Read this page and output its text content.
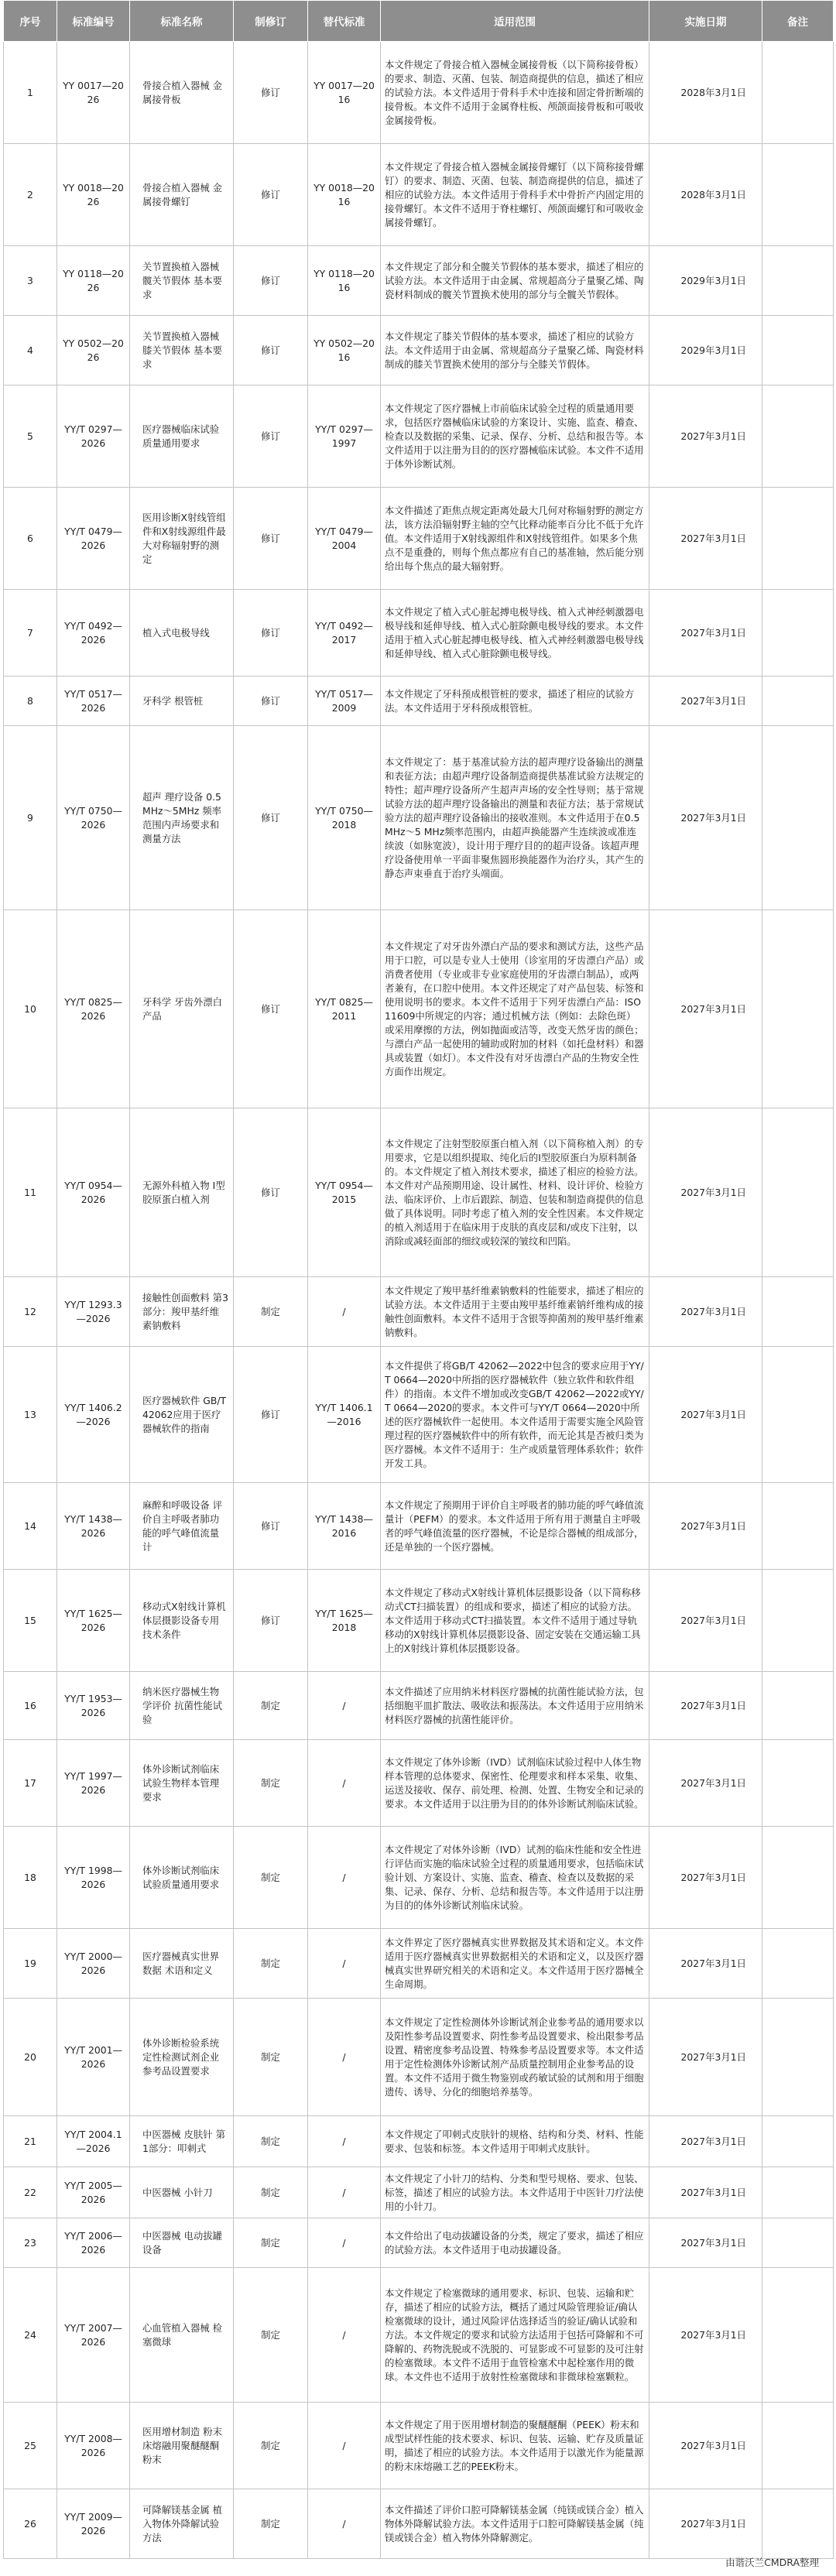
序号	标准编号	标准名称	制修订	替代标准	适用范围	实施日期	备注
1	YY 0017—2026	骨接合植入器械 金属接骨板	修订	YY 0017—2016	本文件规定了骨接合植入器械金属接骨板（以下简称接骨板）的要求、制造、灭菌、包装、制造商提供的信息，描述了相应的试验方法。本文件适用于骨科手术中连接和固定骨折断端的接骨板。本文件不适用于金属脊柱板、颅颌面接骨板和可吸收金属接骨板。	2028年3月1日	
2	YY 0018—2026	骨接合植入器械 金属接骨螺钉	修订	YY 0018—2016	本文件规定了骨接合植入器械金属接骨螺钉（以下简称接骨螺钉）的要求、制造、灭菌、包装、制造商提供的信息，描述了相应的试验方法。本文件适用于骨科手术中骨折产内固定用的接骨螺钉。本文件不适用于脊柱螺钉、颅颌面螺钉和可吸收金属接骨螺钉。	2028年3月1日	
3	YY 0118—2026	关节置换植入器械 髋关节假体 基本要求	修订	YY 0118—2016	本文件规定了部分和全髋关节假体的基本要求，描述了相应的试验方法。本文件适用于由金属、常规超高分子量聚乙烯、陶瓷材料制成的髋关节置换术使用的部分与全髋关节假体。	2029年3月1日	
4	YY 0502—2026	关节置换植入器械 膝关节假体 基本要求	修订	YY 0502—2016	本文件规定了膝关节假体的基本要求，描述了相应的试验方法。本文件适用于由金属、常规超高分子量聚乙烯、陶瓷材料制成的膝关节置换术使用的部分与全膝关节假体。	2029年3月1日	
5	YY/T 0297—2026	医疗器械临床试验质量通用要求	修订	YY/T 0297—1997	本文件规定了医疗器械上市前临床试验全过程的质量通用要求，包括医疗器械临床试验的方案设计、实施、监查、稽查、检查以及数据的采集、记录、保存、分析、总结和报告等。本文件适用于以注册为目的的医疗器械临床试验。本文件不适用于体外诊断试剂。	2027年3月1日	
6	YY/T 0479—2026	医用诊断X射线管组件和X射线源组件最大对称辐射野的测定	修订	YY/T 0479—2004	本文件描述了距焦点规定距离处最大几何对称辐射野的测定方法，该方法沿辐射野主轴的空气比释动能率百分比不低于允许值。本文件适用于X射线源组件和X射线管组件。如果多个焦点不是重叠的，则每个焦点都应有自己的基准轴，然后能分别给出每个焦点的最大辐射野。	2027年3月1日	
7	YY/T 0492—2026	植入式电极导线	修订	YY/T 0492—2017	本文件规定了植入式心脏起搏电极导线、植入式神经刺激器电极导线和延伸导线、植入式心脏除颤电极导线的要求。本文件适用于植入式心脏起搏电极导线、植入式神经刺激器电极导线和延伸导线、植入式心脏除颤电极导线。	2027年3月1日	
8	YY/T 0517—2026	牙科学 根管桩	修订	YY/T 0517—2009	本文件规定了牙科预成根管桩的要求，描述了相应的试验方法。本文件适用于牙科预成根管桩。	2027年3月1日	
9	YY/T 0750—2026	超声 理疗设备 0.5MHz～5MHz 频率范围内声场要求和测量方法	修订	YY/T 0750—2018	本文件规定了：基于基准试验方法的超声理疗设备输出的测量和表征方法；由超声理疗设备制造商提供基准试验方法规定的特性；超声理疗设备所产生超声声场的安全性导则；基于常规试验方法的超声理疗设备输出的测量和表征方法；基于常规试验方法的超声理疗设备输出的接收准则。本文件适用于在0.5 MHz～5 MHz频率范围内，由超声换能器产生连续波或准连续波（如脉宽波），设计用于理疗目的的超声设备。该超声理疗设备使用单一平面非聚焦圆形换能器作为治疗头，其产生的静态声束垂直于治疗头端面。	2027年3月1日	
10	YY/T 0825—2026	牙科学 牙齿外漂白产品	修订	YY/T 0825—2011	本文件规定了对牙齿外漂白产品的要求和测试方法，这些产品用于口腔，可以是专业人士使用（诊室用的牙齿漂白产品）或消费者使用（专业或非专业家庭使用的牙齿漂白制品），或两者兼有，在口腔中使用。本文件还规定了对产品包装、标签和使用说明书的要求。本文件不适用于下列牙齿漂白产品：ISO 11609中所规定的内容；通过机械方法（例如：去除色斑）或采用摩擦的方法，例如抛面或洁等，改变天然牙齿的颜色；与漂白产品一起使用的辅助或附加的材料（如托盘材料）和器具或装置（如灯）。本文件没有对牙齿漂白产品的生物安全性方面作出规定。	2027年3月1日	
11	YY/T 0954—2026	无源外科植入物 I型胶原蛋白植入剂	修订	YY/T 0954—2015	本文件规定了注射型胶原蛋白植入剂（以下简称植入剂）的专用要求，它是以组织提取、纯化后的I型胶原蛋白为原料制备的。本文件规定了植入剂技术要求，描述了相应的检验方法。本文件对产品预期用途、设计属性、材料、设计评价、检验方法、临床评价、上市后跟踪、制造、包装和制造商提供的信息做了具体说明。同时考虑了植入剂的安全性因素。本文件规定的植入剂适用于在临床用于皮肤的真皮层和/或皮下注射，以消除或减轻面部的细纹或较深的皱纹和凹陷。	2027年3月1日	
12	YY/T 1293.3—2026	接触性创面敷料 第3部分：羧甲基纤维素钠敷料	制定	/	本文件规定了羧甲基纤维素钠敷料的性能要求，描述了相应的试验方法。本文件适用于主要由羧甲基纤维素钠纤维构成的接触性创面敷料。本文件不适用于含银等抑菌剂的羧甲基纤维素钠敷料。	2027年3月1日	
13	YY/T 1406.2—2026	医疗器械软件 GB/T 42062应用于医疗器械软件的指南	修订	YY/T 1406.1—2016	本文件提供了将GB/T 42062—2022中包含的要求应用于YY/T 0664—2020中所指的医疗器械软件（独立软件和软件组件）的指南。本文件不增加或改变GB/T 42062—2022或YY/T 0664—2020的要求。本文件可与YY/T 0664—2020中所述的医疗器械软件一起使用。本文件适用于需要实施全风险管理过程的医疗器械软件中的所有软件，而无论其是否被归类为医疗器械。本文件不适用于：生产或质量管理体系软件；软件开发工具。	2027年3月1日	
14	YY/T 1438—2026	麻醉和呼吸设备 评价自主呼吸者肺功能的呼气峰值流量计	修订	YY/T 1438—2016	本文件规定了预期用于评价自主呼吸者的肺功能的呼气峰值流量计（PEFM）的要求。本文件适用于所有用于测量自主呼吸者的呼气峰值流量的医疗器械，不论是综合器械的组成部分，还是单独的一个医疗器械。	2027年3月1日	
15	YY/T 1625—2026	移动式X射线计算机体层摄影设备专用技术条件	修订	YY/T 1625—2018	本文件规定了移动式X射线计算机体层摄影设备（以下简称移动式CT扫描装置）的组成和要求，描述了相应的试验方法。本文件适用于移动式CT扫描装置。本文件不适用于通过导轨移动的X射线计算机体层摄影设备、固定安装在交通运输工具上的X射线计算机体层摄影设备。	2027年3月1日	
16	YY/T 1953—2026	纳米医疗器械生物学评价 抗菌性能试验	制定	/	本文件描述了应用纳米材料医疗器械的抗菌性能试验方法，包括细胞平皿扩散法、吸收法和振荡法。本文件适用于应用纳米材料医疗器械的抗菌性能评价。	2027年3月1日	
17	YY/T 1997—2026	体外诊断试剂临床试验生物样本管理要求	制定	/	本文件规定了体外诊断（IVD）试剂临床试验过程中人体生物样本管理的总体要求、保密性、伦理要求和样本采集、收集、运送及接收、保存、前处理、检测、处置、生物安全和记录的要求。本文件适用于以注册为目的的体外诊断试剂临床试验。	2027年3月1日	
18	YY/T 1998—2026	体外诊断试剂临床试验质量通用要求	制定	/	本文件规定了对体外诊断（IVD）试剂的临床性能和安全性进行评估而实施的临床试验全过程的质量通用要求，包括临床试验计划、方案设计、实施、监查、稽查、检查以及数据的采集、记录、保存、分析、总结和报告等。本文件适用于以注册为目的的体外诊断试剂临床试验。	2027年3月1日	
19	YY/T 2000—2026	医疗器械真实世界数据 术语和定义	制定	/	本文件界定了医疗器械真实世界数据及其术语和定义。本文件适用于医疗器械真实世界数据相关的术语和定义，以及医疗器械真实世界研究相关的术语和定义。本文件适用于医疗器械全生命周期。	2027年3月1日	
20	YY/T 2001—2026	体外诊断检验系统 定性检测试剂企业参考品设置要求	制定	/	本文件规定了定性检测体外诊断试剂企业参考品的通用要求以及阳性参考品设置要求、阴性参考品设置要求、检出限参考品设置、精密度参考品设置、特殊参考品设置要求等。本文件适用于定性检测体外诊断试剂产品质量控制用企业参考品的设置。本文件不适用于微生物鉴别或药敏试验的试剂和用于细胞遗传、诱导、分化的细胞培养基等。	2027年3月1日	
21	YY/T 2004.1—2026	中医器械 皮肤针 第1部分：叩刺式	制定	/	本文件规定了叩刺式皮肤针的规格、结构和分类、材料、性能要求、包装和标签。本文件适用于叩刺式皮肤针。	2027年3月1日	
22	YY/T 2005—2026	中医器械 小针刀	制定	/	本文件规定了小针刀的结构、分类和型号规格、要求、包装、标签，描述了相应的试验方法。本文件适用于中医针刀疗法使用的小针刀。	2027年3月1日	
23	YY/T 2006—2026	中医器械 电动拔罐设备	制定	/	本文件给出了电动拔罐设备的分类，规定了要求，描述了相应的试验方法。本文件适用于电动拔罐设备。	2027年3月1日	
24	YY/T 2007—2026	心血管植入器械 检塞微球	制定	/	本文件规定了检塞微球的通用要求、标识、包装、运输和贮存，描述了相应的试验方法，概括了通过风险管理验证/确认检塞微球的设计，通过风险评估选择适当的验证/确认试验和方法。本文件规定的要求和试验方法适用于包括可降解和不可降解的、药物洗脱或不洗脱的、可显影或不可显影的及可注射的检塞微球。本文件不适用于血管检塞术中起栓塞作用的微球。本文件也不适用于放射性检塞微球和非微球检塞颗粒。	2027年3月1日	
25	YY/T 2008—2026	医用增材制造 粉末床熔融用聚醚醚酮粉末	制定	/	本文件规定了用于医用增材制造的聚醚醚酮（PEEK）粉末和成型试样性能的技术要求、标识、包装、运输、贮存及质量证明，描述了相应的试验方法。本文件适用于以激光作为能量源的粉末床熔融工艺的PEEK粉末。	2027年3月1日	
26	YY/T 2009—2026	可降解镁基金属 植入物体外降解试验方法	制定	/	本文件描述了评价口腔可降解镁基金属（纯镁或镁合金）植入物体外降解试验方法。本文件适用于口腔可降解镁基金属（纯镁或镁合金）植入物体外降解测定。	2027年3月1日	
由谐沃兰CMDRA整理
